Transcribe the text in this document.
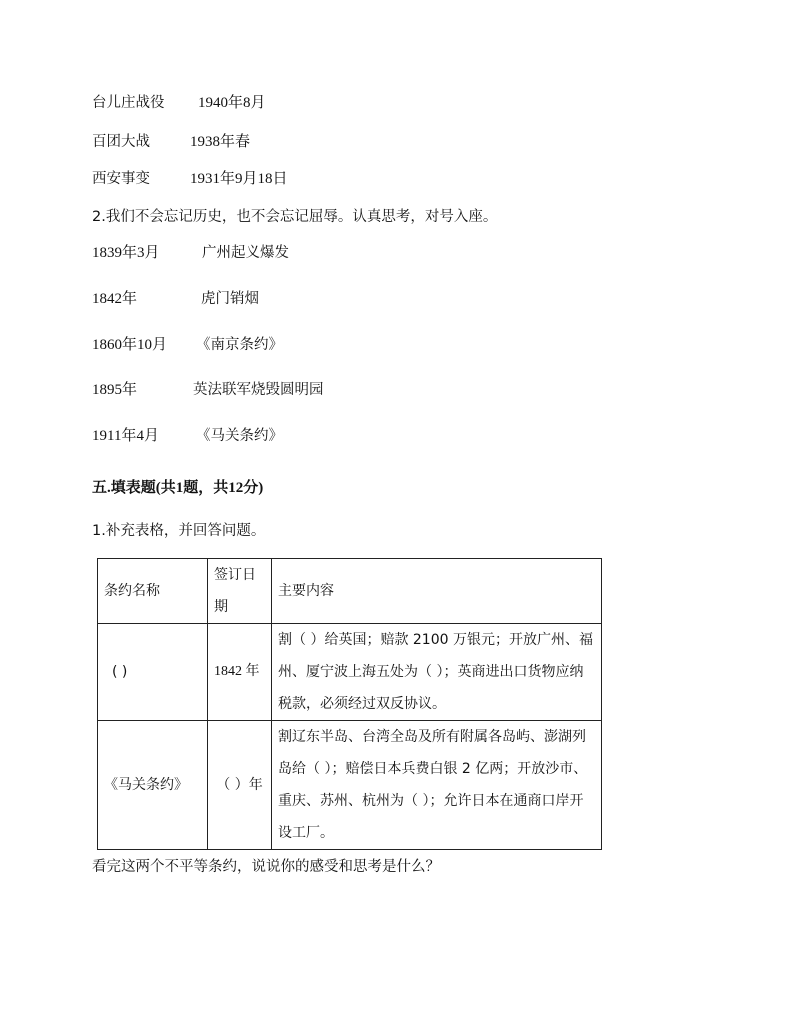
台儿庄战役 1940年8月
百团大战	1938年春
西安事变	1931年9月18日
2.我们不会忘记历史，也不会忘记屈辱。认真思考，对号入座。
1839年3月	广州起义爆发
1842年	虎门销烟
1860年10月 《南京条约》
1895年	英法联军烧毁圆明园
1911年4月	《马关条约》
五.填表题(共1题，共12分)
1.补充表格，并回答问题。
条约名称	签订日期	主要内容
( )	1842 年	割（ ）给英国；赔款 2100 万银元；开放广州、福州、厦宁波上海五处为（ ）；英商进出口货物应纳税款，必须经过双反协议。
《马关条约》	（ ）年	割辽东半岛、台湾全岛及所有附属各岛屿、澎湖列岛给（ ）；赔偿日本兵费白银 2 亿两；开放沙市、重庆、苏州、杭州为（ ）；允许日本在通商口岸开设工厂。
看完这两个不平等条约，说说你的感受和思考是什么？
